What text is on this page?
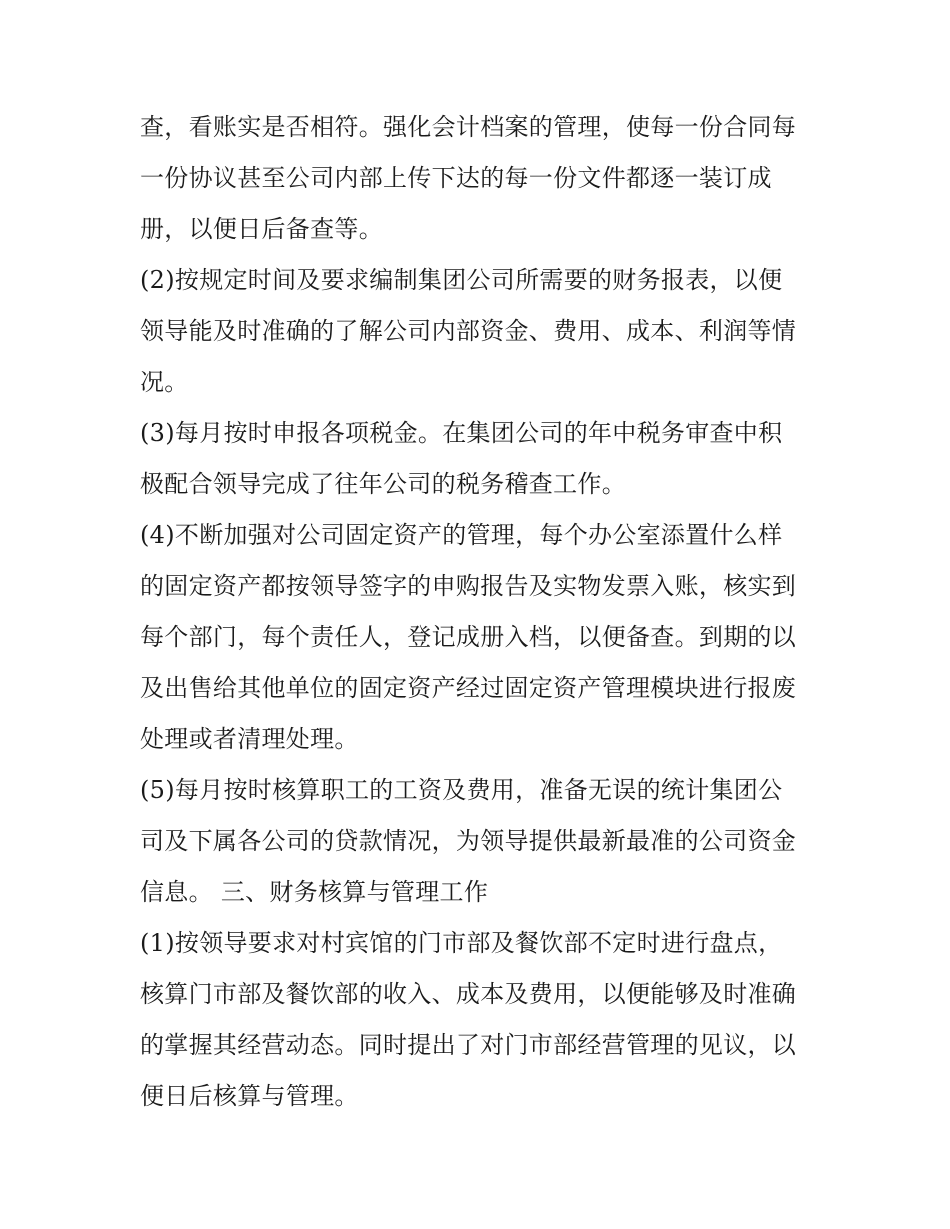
查，看账实是否相符。强化会计档案的管理，使每一份合同每
一份协议甚至公司内部上传下达的每一份文件都逐一装订成
册，以便日后备查等。
(2)按规定时间及要求编制集团公司所需要的财务报表，以便
领导能及时准确的了解公司内部资金、费用、成本、利润等情
况。
(3)每月按时申报各项税金。在集团公司的年中税务审查中积
极配合领导完成了往年公司的税务稽查工作。
(4)不断加强对公司固定资产的管理，每个办公室添置什么样
的固定资产都按领导签字的申购报告及实物发票入账，核实到
每个部门，每个责任人，登记成册入档，以便备查。到期的以
及出售给其他单位的固定资产经过固定资产管理模块进行报废
处理或者清理处理。
(5)每月按时核算职工的工资及费用，准备无误的统计集团公
司及下属各公司的贷款情况，为领导提供最新最准的公司资金
信息。 三、财务核算与管理工作
(1)按领导要求对村宾馆的门市部及餐饮部不定时进行盘点，
核算门市部及餐饮部的收入、成本及费用，以便能够及时准确
的掌握其经营动态。同时提出了对门市部经营管理的见议，以
便日后核算与管理。
